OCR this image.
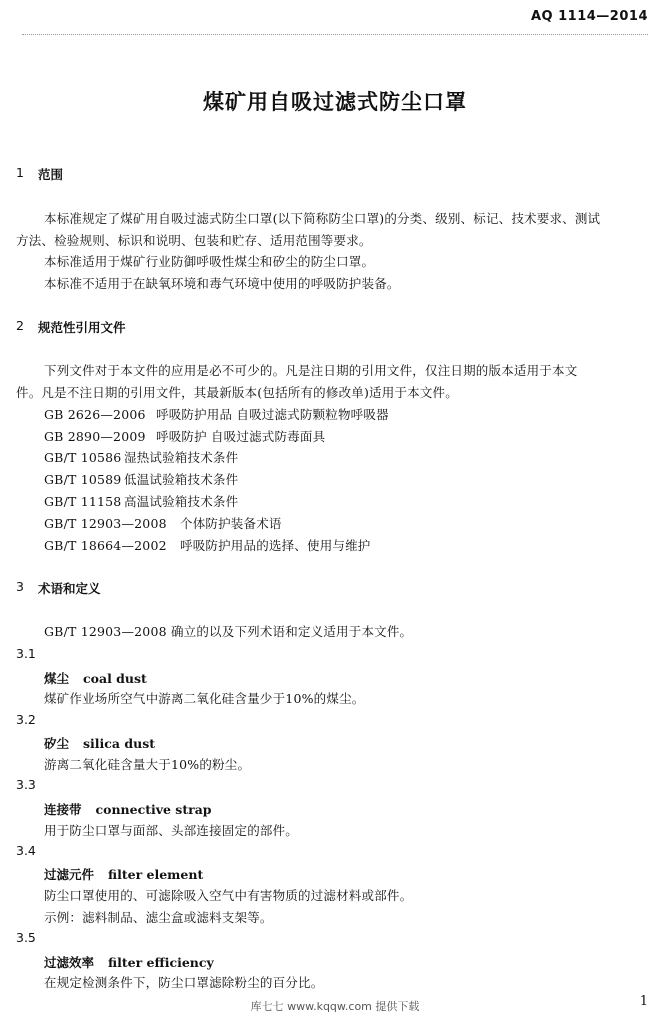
AQ 1114—2014
煤矿用自吸过滤式防尘口罩
1 范围
本标准规定了煤矿用自吸过滤式防尘口罩(以下简称防尘口罩)的分类、级别、标记、技术要求、测试
方法、检验规则、标识和说明、包装和贮存、适用范围等要求。
本标准适用于煤矿行业防御呼吸性煤尘和矽尘的防尘口罩。
本标准不适用于在缺氧环境和毒气环境中使用的呼吸防护装备。
2 规范性引用文件
下列文件对于本文件的应用是必不可少的。凡是注日期的引用文件，仅注日期的版本适用于本文
件。凡是不注日期的引用文件，其最新版本(包括所有的修改单)适用于本文件。
GB 2626—2006 呼吸防护用品 自吸过滤式防颗粒物呼吸器
GB 2890—2009 呼吸防护 自吸过滤式防毒面具
GB/T 10586 湿热试验箱技术条件
GB/T 10589 低温试验箱技术条件
GB/T 11158 高温试验箱技术条件
GB/T 12903—2008 个体防护装备术语
GB/T 18664—2002 呼吸防护用品的选择、使用与维护
3 术语和定义
GB/T 12903—2008 确立的以及下列术语和定义适用于本文件。
3.1
煤尘 coal dust
煤矿作业场所空气中游离二氧化硅含量少于10%的煤尘。
3.2
矽尘 silica dust
游离二氧化硅含量大于10%的粉尘。
3.3
连接带 connective strap
用于防尘口罩与面部、头部连接固定的部件。
3.4
过滤元件 filter element
防尘口罩使用的、可滤除吸入空气中有害物质的过滤材料或部件。
示例：滤料制品、滤尘盒或滤料支架等。
3.5
过滤效率 filter efficiency
在规定检测条件下，防尘口罩滤除粉尘的百分比。
库七七 www.kqqw.com 提供下载	1
